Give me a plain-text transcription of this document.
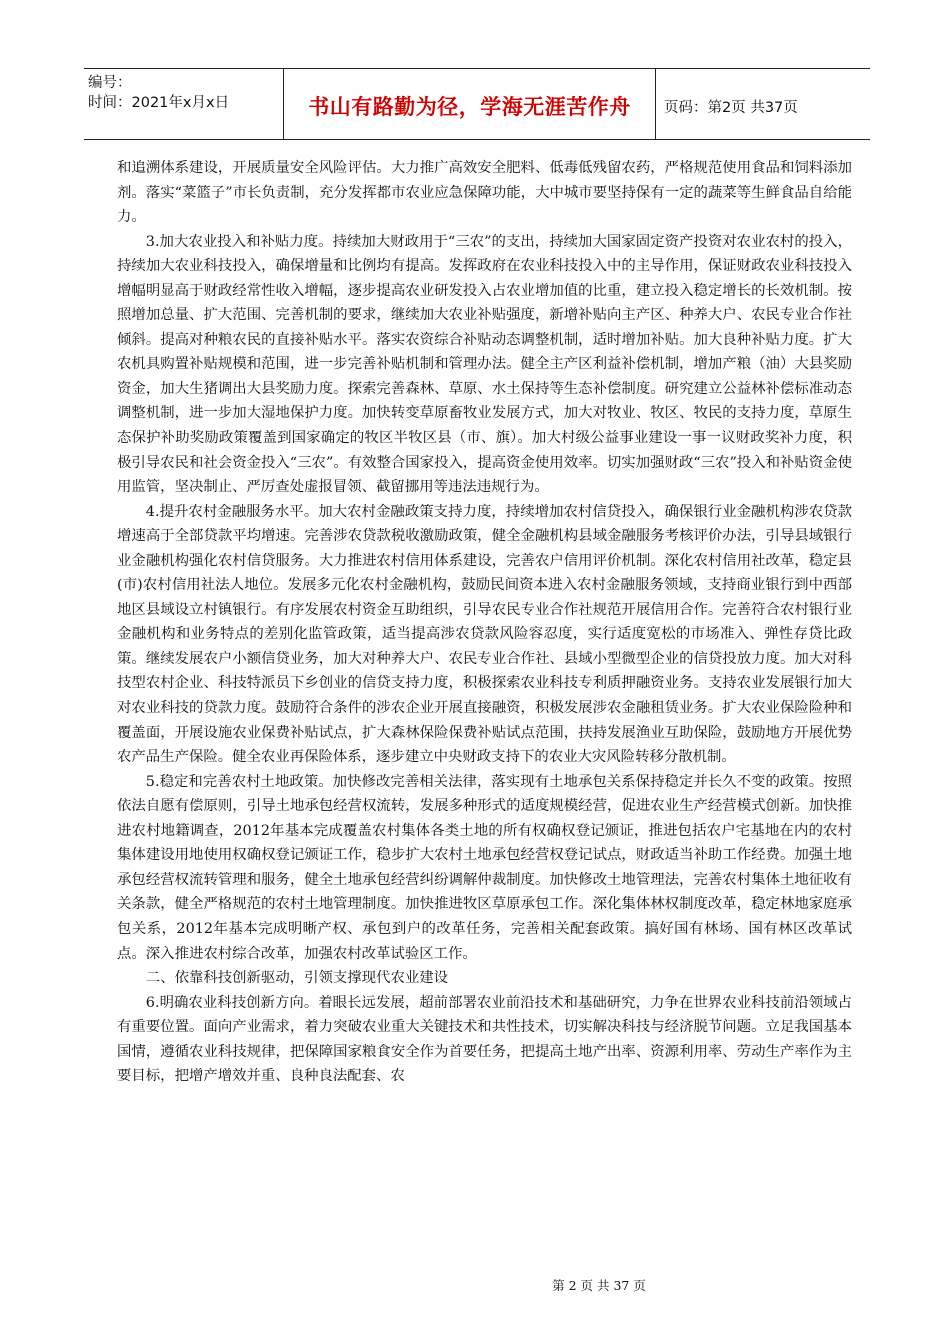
编号：
时间：2021年x月x日	书山有路勤为径，学海无涯苦作舟	页码：第2页 共37页

和追溯体系建设，开展质量安全风险评估。大力推广高效安全肥料、低毒低残留农药，严格规范使用食品和饲料添加剂。落实“菜篮子”市长负责制，充分发挥都市农业应急保障功能，大中城市要坚持保有一定的蔬菜等生鲜食品自给能力。

3.加大农业投入和补贴力度。持续加大财政用于“三农”的支出，持续加大国家固定资产投资对农业农村的投入，持续加大农业科技投入，确保增量和比例均有提高。发挥政府在农业科技投入中的主导作用，保证财政农业科技投入增幅明显高于财政经常性收入增幅，逐步提高农业研发投入占农业增加值的比重，建立投入稳定增长的长效机制。按照增加总量、扩大范围、完善机制的要求，继续加大农业补贴强度，新增补贴向主产区、种养大户、农民专业合作社倾斜。提高对种粮农民的直接补贴水平。落实农资综合补贴动态调整机制，适时增加补贴。加大良种补贴力度。扩大农机具购置补贴规模和范围，进一步完善补贴机制和管理办法。健全主产区利益补偿机制，增加产粮（油）大县奖励资金，加大生猪调出大县奖励力度。探索完善森林、草原、水土保持等生态补偿制度。研究建立公益林补偿标准动态调整机制，进一步加大湿地保护力度。加快转变草原畜牧业发展方式，加大对牧业、牧区、牧民的支持力度，草原生态保护补助奖励政策覆盖到国家确定的牧区半牧区县（市、旗）。加大村级公益事业建设一事一议财政奖补力度，积极引导农民和社会资金投入“三农”。有效整合国家投入，提高资金使用效率。切实加强财政“三农”投入和补贴资金使用监管，坚决制止、严厉查处虚报冒领、截留挪用等违法违规行为。

4.提升农村金融服务水平。加大农村金融政策支持力度，持续增加农村信贷投入，确保银行业金融机构涉农贷款增速高于全部贷款平均增速。完善涉农贷款税收激励政策，健全金融机构县域金融服务考核评价办法，引导县域银行业金融机构强化农村信贷服务。大力推进农村信用体系建设，完善农户信用评价机制。深化农村信用社改革，稳定县(市)农村信用社法人地位。发展多元化农村金融机构，鼓励民间资本进入农村金融服务领域，支持商业银行到中西部地区县域设立村镇银行。有序发展农村资金互助组织，引导农民专业合作社规范开展信用合作。完善符合农村银行业金融机构和业务特点的差别化监管政策，适当提高涉农贷款风险容忍度，实行适度宽松的市场准入、弹性存贷比政策。继续发展农户小额信贷业务，加大对种养大户、农民专业合作社、县域小型微型企业的信贷投放力度。加大对科技型农村企业、科技特派员下乡创业的信贷支持力度，积极探索农业科技专利质押融资业务。支持农业发展银行加大对农业科技的贷款力度。鼓励符合条件的涉农企业开展直接融资，积极发展涉农金融租赁业务。扩大农业保险险种和覆盖面，开展设施农业保费补贴试点，扩大森林保险保费补贴试点范围，扶持发展渔业互助保险，鼓励地方开展优势农产品生产保险。健全农业再保险体系，逐步建立中央财政支持下的农业大灾风险转移分散机制。

5.稳定和完善农村土地政策。加快修改完善相关法律，落实现有土地承包关系保持稳定并长久不变的政策。按照依法自愿有偿原则，引导土地承包经营权流转，发展多种形式的适度规模经营，促进农业生产经营模式创新。加快推进农村地籍调查，2012年基本完成覆盖农村集体各类土地的所有权确权登记颁证，推进包括农户宅基地在内的农村集体建设用地使用权确权登记颁证工作，稳步扩大农村土地承包经营权登记试点，财政适当补助工作经费。加强土地承包经营权流转管理和服务，健全土地承包经营纠纷调解仲裁制度。加快修改土地管理法，完善农村集体土地征收有关条款，健全严格规范的农村土地管理制度。加快推进牧区草原承包工作。深化集体林权制度改革，稳定林地家庭承包关系，2012年基本完成明晰产权、承包到户的改革任务，完善相关配套政策。搞好国有林场、国有林区改革试点。深入推进农村综合改革，加强农村改革试验区工作。

二、依靠科技创新驱动，引领支撑现代农业建设

6.明确农业科技创新方向。着眼长远发展，超前部署农业前沿技术和基础研究，力争在世界农业科技前沿领域占有重要位置。面向产业需求，着力突破农业重大关键技术和共性技术，切实解决科技与经济脱节问题。立足我国基本国情，遵循农业科技规律，把保障国家粮食安全作为首要任务，把提高土地产出率、资源利用率、劳动生产率作为主要目标，把增产增效并重、良种良法配套、农

第 2 页 共 37 页
